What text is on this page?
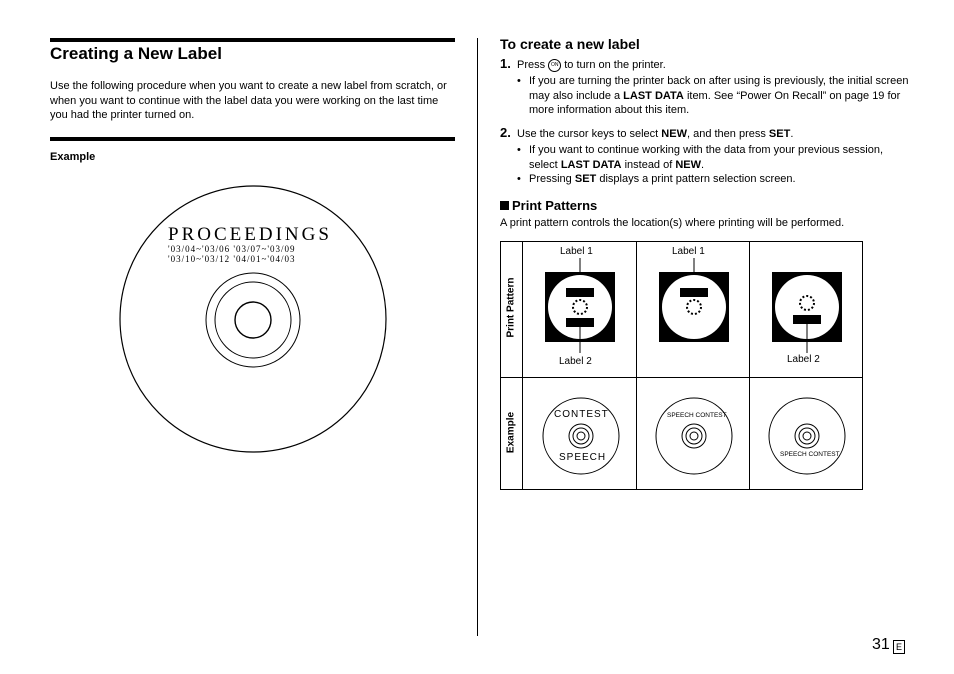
Creating a New Label
Use the following procedure when you want to create a new label from scratch, or when you want to continue with the label data you were working on the last time you had the printer turned on.
Example
PROCEEDINGS
'03/04~'03/06 '03/07~'03/09
'03/10~'03/12 '04/01~'04/03
To create a new label
1. Press ON to turn on the printer.
• If you are turning the printer back on after using is previously, the initial screen may also include a LAST DATA item. See “Power On Recall” on page 19 for more information about this item.
2. Use the cursor keys to select NEW, and then press SET.
• If you want to continue working with the data from your previous session, select LAST DATA instead of NEW.
• Pressing SET displays a print pattern selection screen.
Print Patterns
A print pattern controls the location(s) where printing will be performed.
Print Pattern
Example
Label 1
Label 2
Label 1
Label 2
CONTEST
SPEECH
SPEECH CONTEST
SPEECH CONTEST
31 E
